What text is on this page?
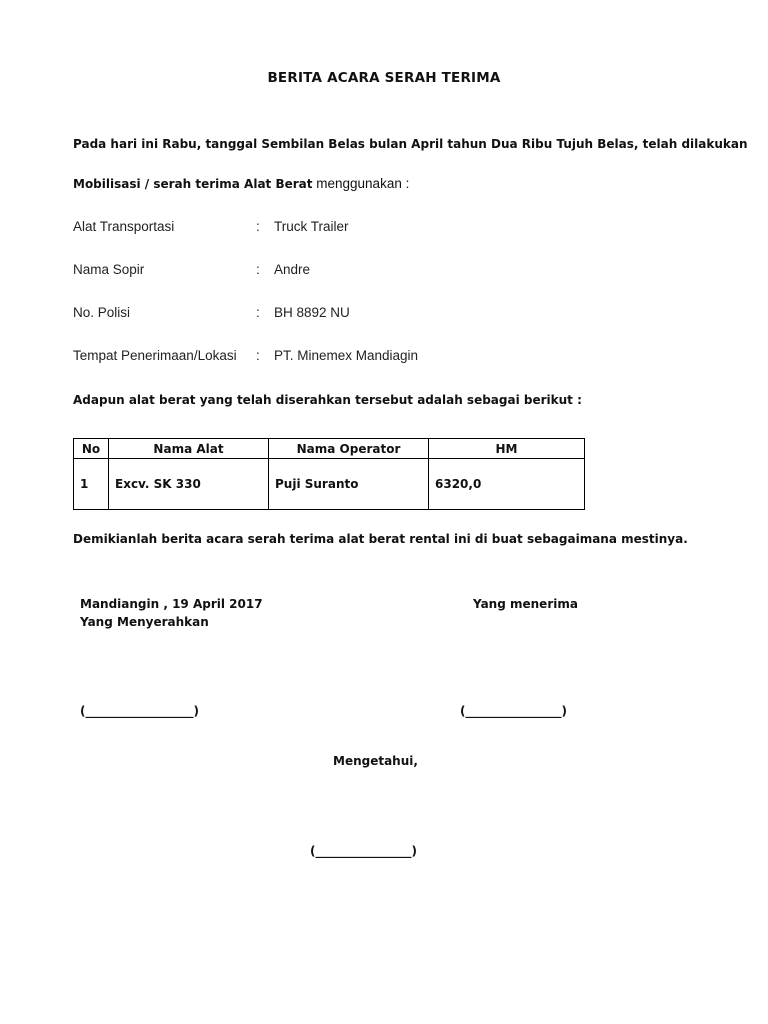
BERITA ACARA SERAH TERIMA
Pada hari ini Rabu, tanggal Sembilan Belas bulan April tahun Dua Ribu Tujuh Belas, telah dilakukan
Mobilisasi / serah terima Alat Berat menggunakan :
Alat Transportasi	: Truck Trailer
Nama Sopir	: Andre
No. Polisi	: BH 8892 NU
Tempat Penerimaan/Lokasi : PT. Minemex Mandiagin
Adapun alat berat yang telah diserahkan tersebut adalah sebagai berikut :
No	Nama Alat	Nama Operator	HM
1	Excv. SK 330	Puji Suranto	6320,0
Demikianlah berita acara serah terima alat berat rental ini di buat sebagaimana mestinya.
Mandiangin , 19 April 2017
Yang Menyerahkan
Yang menerima
(__________________)	(________________)
Mengetahui,
(________________)
